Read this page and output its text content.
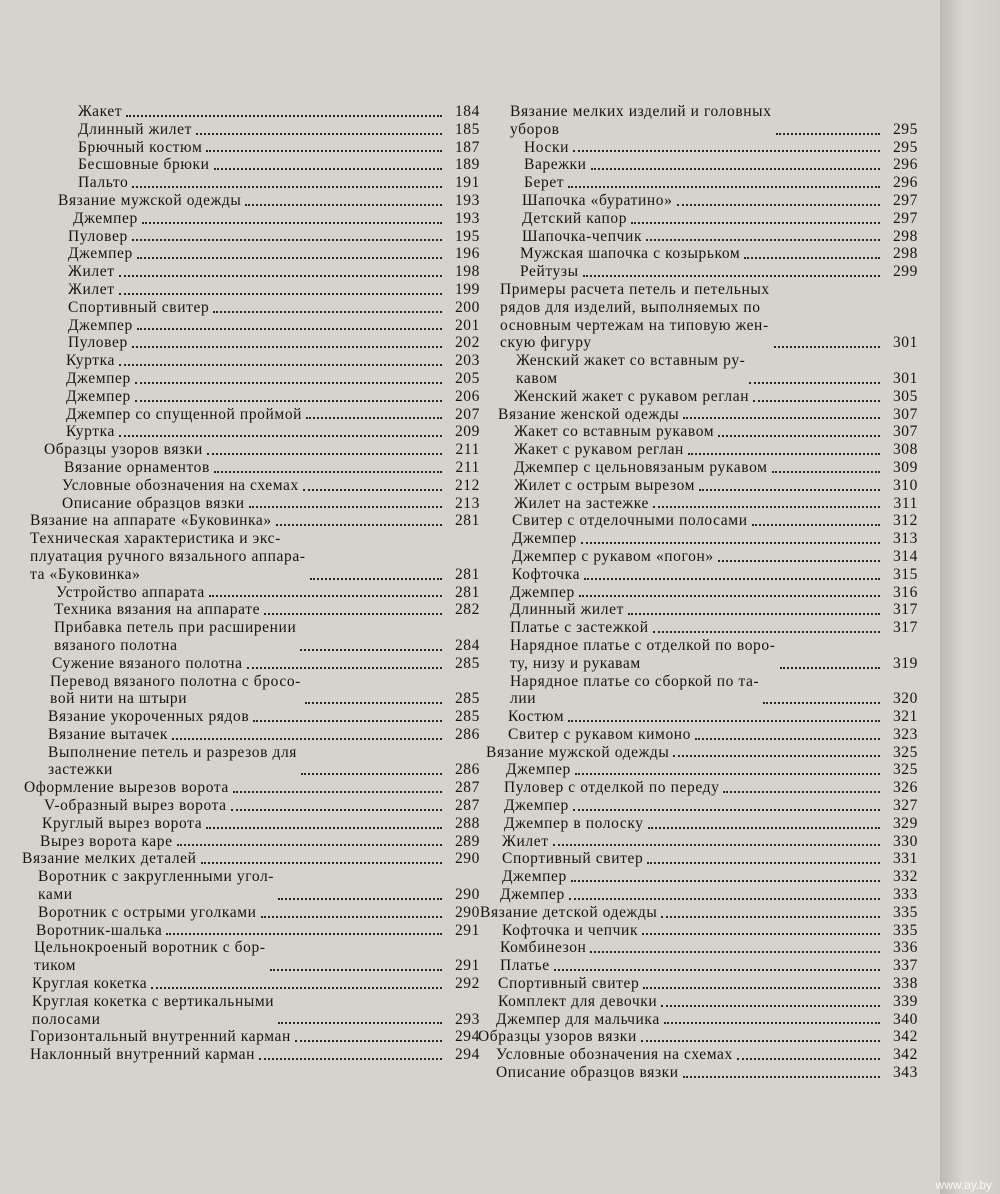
Жакет	184
Длинный жилет	185
Брючный костюм	187
Бесшовные брюки	189
Пальто	191
Вязание мужской одежды	193
Джемпер	193
Пуловер	195
Джемпер	196
Жилет	198
Жилет	199
Спортивный свитер	200
Джемпер	201
Пуловер	202
Куртка	203
Джемпер	205
Джемпер	206
Джемпер со спущенной проймой	207
Куртка	209
Образцы узоров вязки	211
Вязание орнаментов	211
Условные обозначения на схемах	212
Описание образцов вязки	213
Вязание на аппарате «Буковинка»	281
Техническая характеристика и экс-
плуатация ручного вязального аппара-
та «Буковинка»	281
Устройство аппарата	281
Техника вязания на аппарате	282
Прибавка петель при расширении
вязаного полотна	284
Сужение вязаного полотна	285
Перевод вязаного полотна с бросо-
вой нити на штыри	285
Вязание укороченных рядов	285
Вязание вытачек	286
Выполнение петель и разрезов для
застежки	286
Оформление вырезов ворота	287
V-образный вырез ворота	287
Круглый вырез ворота	288
Вырез ворота каре	289
Вязание мелких деталей	290
Воротник с закругленными угол-
ками	290
Воротник с острыми уголками	290
Воротник-шалька	291
Цельнокроеный воротник с бор-
тиком	291
Круглая кокетка	292
Круглая кокетка с вертикальными
полосами	293
Горизонтальный внутренний карман	294
Наклонный внутренний карман	294
Вязание мелких изделий и головных
уборов	295
Носки	295
Варежки	296
Берет	296
Шапочка «буратино»	297
Детский капор	297
Шапочка-чепчик	298
Мужская шапочка с козырьком	298
Рейтузы	299
Примеры расчета петель и петельных
рядов для изделий, выполняемых по
основным чертежам на типовую жен-
скую фигуру	301
Женский жакет со вставным ру-
кавом	301
Женский жакет с рукавом реглан	305
Вязание женской одежды	307
Жакет со вставным рукавом	307
Жакет с рукавом реглан	308
Джемпер с цельновязаным рукавом	309
Жилет с острым вырезом	310
Жилет на застежке	311
Свитер с отделочными полосами	312
Джемпер	313
Джемпер с рукавом «погон»	314
Кофточка	315
Джемпер	316
Длинный жилет	317
Платье с застежкой	317
Нарядное платье с отделкой по воро-
ту, низу и рукавам	319
Нарядное платье со сборкой по та-
лии	320
Костюм	321
Свитер с рукавом кимоно	323
Вязание мужской одежды	325
Джемпер	325
Пуловер с отделкой по переду	326
Джемпер	327
Джемпер в полоску	329
Жилет	330
Спортивный свитер	331
Джемпер	332
Джемпер	333
Вязание детской одежды	335
Кофточка и чепчик	335
Комбинезон	336
Платье	337
Спортивный свитер	338
Комплект для девочки	339
Джемпер для мальчика	340
Образцы узоров вязки	342
Условные обозначения на схемах	342
Описание образцов вязки	343
www.ay.by
